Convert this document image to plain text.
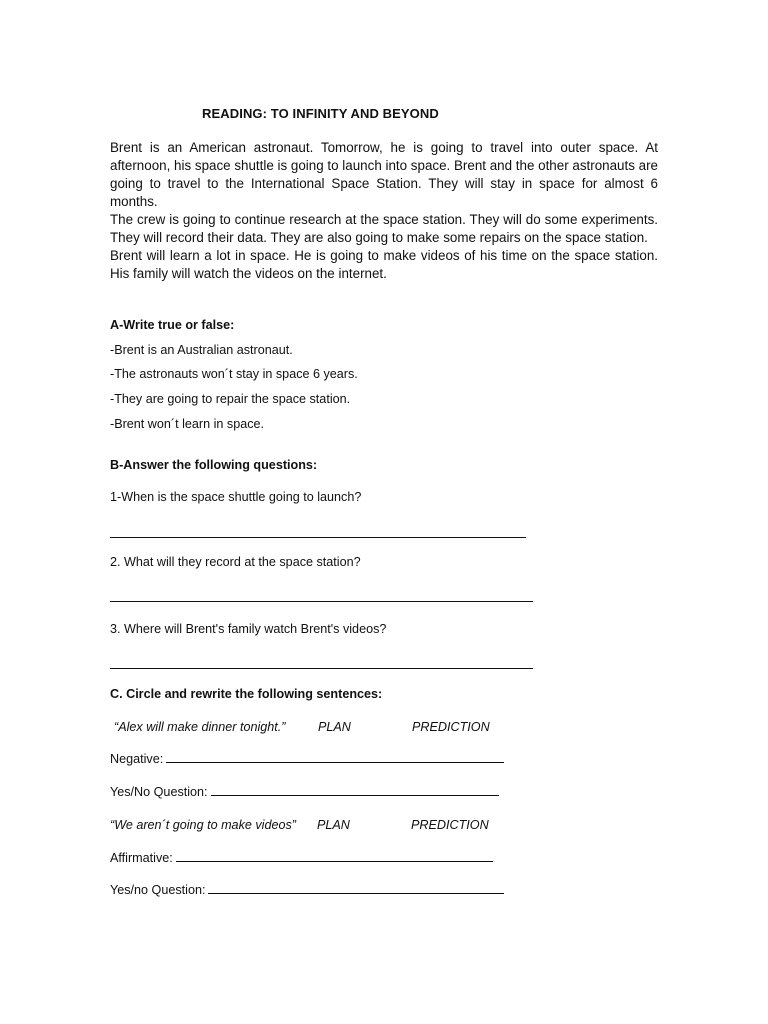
READING: TO INFINITY AND BEYOND

Brent is an American astronaut. Tomorrow, he is going to travel into outer space. At afternoon, his space shuttle is going to launch into space. Brent and the other astronauts are going to travel to the International Space Station. They will stay in space for almost 6 months.

The crew is going to continue research at the space station. They will do some experiments. They will record their data. They are also going to make some repairs on the space station.

Brent will learn a lot in space. He is going to make videos of his time on the space station. His family will watch the videos on the internet.

A-Write true or false:
-Brent is an Australian astronaut.
-The astronauts won´t stay in space 6 years.
-They are going to repair the space station.
-Brent won´t learn in space.
B-Answer the following questions:
1-When is the space shuttle going to launch?
2. What will they record at the space station?
3. Where will Brent's family watch Brent's videos?
C. Circle and rewrite the following sentences:
“Alex will make dinner tonight.”	PLAN	PREDICTION
Negative:
Yes/No Question:
“We aren´t going to make videos” PLAN	PREDICTION
Affirmative:
Yes/no Question:
